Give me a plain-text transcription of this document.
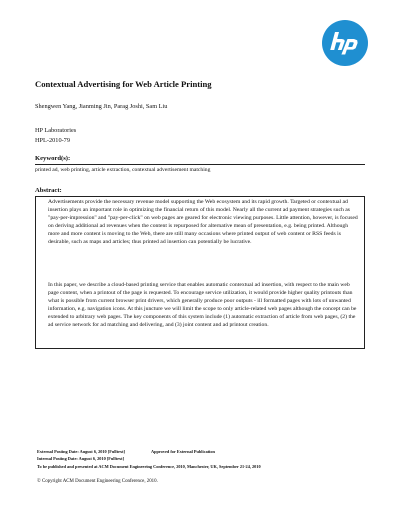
Contextual Advertising for Web Article Printing
Shengwen Yang, Jianming Jin, Parag Joshi, Sam Liu
HP Laboratories
HPL-2010-79
Keyword(s):
printed ad, web printing, article extraction, contextual advertisement matching
Abstract:
Advertisements provide the necessary revenue model supporting the Web ecosystem and its rapid growth. Targeted or contextual ad insertion plays an important role in optimizing the financial return of this model. Nearly all the current ad payment strategies such as "pay-per-impression" and "pay-per-click" on web pages are geared for electronic viewing purposes. Little attention, however, is focused on deriving additional ad revenues when the content is repurposed for alternative mean of presentation, e.g. being printed. Although more and more content is moving to the Web, there are still many occasions where printed output of web content or RSS feeds is desirable, such as maps and articles; thus printed ad insertion can potentially be lucrative.
In this paper, we describe a cloud-based printing service that enables automatic contextual ad insertion, with respect to the main web page content, when a printout of the page is requested. To encourage service utilization, it would provide higher quality printouts than what is possible from current browser print drivers, which generally produce poor outputs - ill formatted pages with lots of unwanted information, e.g. navigation icons. At this juncture we will limit the scope to only article-related web pages although the concept can be extended to arbitrary web pages. The key components of this system include (1) automatic extraction of article from web pages, (2) the ad service network for ad matching and delivering, and (3) joint content and ad printout creation.
External Posting Date: August 6, 2010 [Fulltext]	Approved for External Publication
Internal Posting Date: August 6, 2010 [Fulltext]
To be published and presented at ACM Document Engineering Conference, 2010, Manchester, UK, September 21-24, 2010
© Copyright ACM Document Engineering Conference, 2010.
